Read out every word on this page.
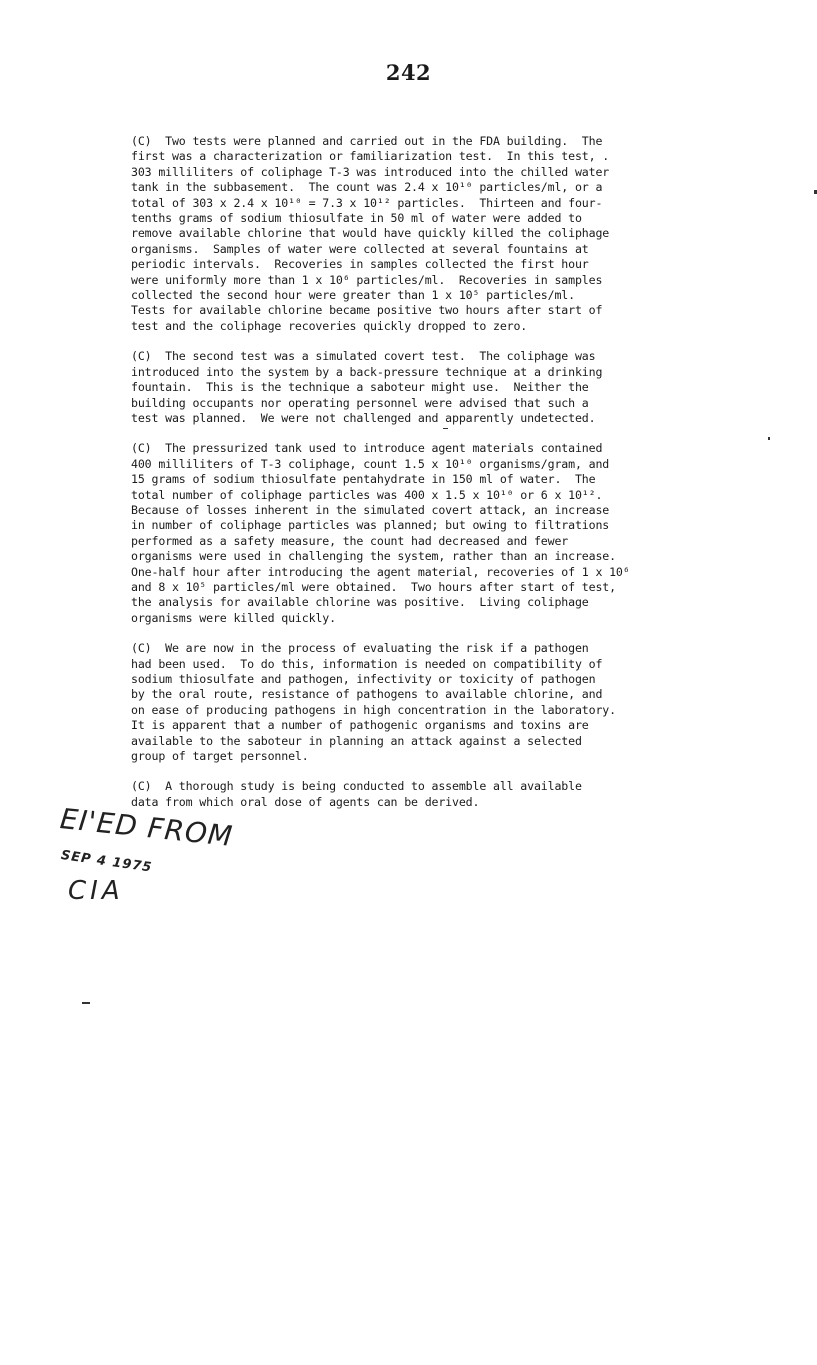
242
(C)  Two tests were planned and carried out in the FDA building.  The
first was a characterization or familiarization test.  In this test, .
303 milliliters of coliphage T-3 was introduced into the chilled water
tank in the subbasement.  The count was 2.4 x 10¹⁰ particles/ml, or a
total of 303 x 2.4 x 10¹⁰ = 7.3 x 10¹² particles.  Thirteen and four-
tenths grams of sodium thiosulfate in 50 ml of water were added to
remove available chlorine that would have quickly killed the coliphage
organisms.  Samples of water were collected at several fountains at
periodic intervals.  Recoveries in samples collected the first hour
were uniformly more than 1 x 10⁶ particles/ml.  Recoveries in samples
collected the second hour were greater than 1 x 10⁵ particles/ml.
Tests for available chlorine became positive two hours after start of
test and the coliphage recoveries quickly dropped to zero.
(C)  The second test was a simulated covert test.  The coliphage was
introduced into the system by a back-pressure technique at a drinking
fountain.  This is the technique a saboteur might use.  Neither the
building occupants nor operating personnel were advised that such a
test was planned.  We were not challenged and apparently undetected.
(C)  The pressurized tank used to introduce agent materials contained
400 milliliters of T-3 coliphage, count 1.5 x 10¹⁰ organisms/gram, and
15 grams of sodium thiosulfate pentahydrate in 150 ml of water.  The
total number of coliphage particles was 400 x 1.5 x 10¹⁰ or 6 x 10¹².
Because of losses inherent in the simulated covert attack, an increase
in number of coliphage particles was planned; but owing to filtrations
performed as a safety measure, the count had decreased and fewer
organisms were used in challenging the system, rather than an increase.
One-half hour after introducing the agent material, recoveries of 1 x 10⁶
and 8 x 10⁵ particles/ml were obtained.  Two hours after start of test,
the analysis for available chlorine was positive.  Living coliphage
organisms were killed quickly.
(C)  We are now in the process of evaluating the risk if a pathogen
had been used.  To do this, information is needed on compatibility of
sodium thiosulfate and pathogen, infectivity or toxicity of pathogen
by the oral route, resistance of pathogens to available chlorine, and
on ease of producing pathogens in high concentration in the laboratory.
It is apparent that a number of pathogenic organisms and toxins are
available to the saboteur in planning an attack against a selected
group of target personnel.
(C)  A thorough study is being conducted to assemble all available
data from which oral dose of agents can be derived.
EI'ED FROM
SEP 4 1975
CIA
